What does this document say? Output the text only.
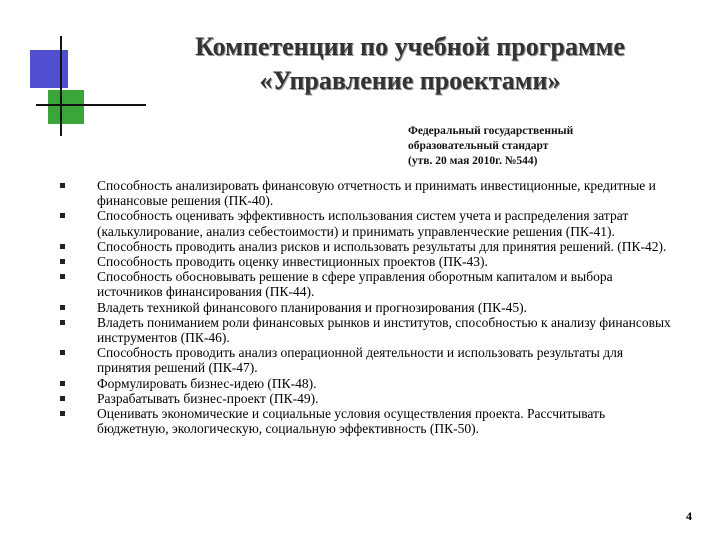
Компетенции по учебной программе
«Управление проектами»
Федеральный государственный
образовательный стандарт
(утв. 20 мая 2010г. №544)
Способность анализировать финансовую отчетность и принимать инвестиционные, кредитные и финансовые решения (ПК-40).
Способность оценивать эффективность использования систем учета и распределения затрат (калькулирование, анализ себестоимости) и принимать управленческие решения (ПК-41).
Способность проводить анализ рисков и использовать результаты для принятия решений. (ПК-42).
Способность проводить оценку инвестиционных проектов (ПК-43).
Способность обосновывать решение в сфере управления оборотным капиталом и выбора источников финансирования (ПК-44).
Владеть техникой финансового планирования и прогнозирования (ПК-45).
Владеть пониманием роли финансовых рынков и институтов, способностью к анализу финансовых инструментов (ПК-46).
Способность проводить анализ операционной деятельности и использовать результаты для принятия решений (ПК-47).
Формулировать бизнес-идею (ПК-48).
Разрабатывать бизнес-проект (ПК-49).
Оценивать экономические и социальные условия осуществления проекта. Рассчитывать бюджетную, экологическую, социальную эффективность (ПК-50).
4
